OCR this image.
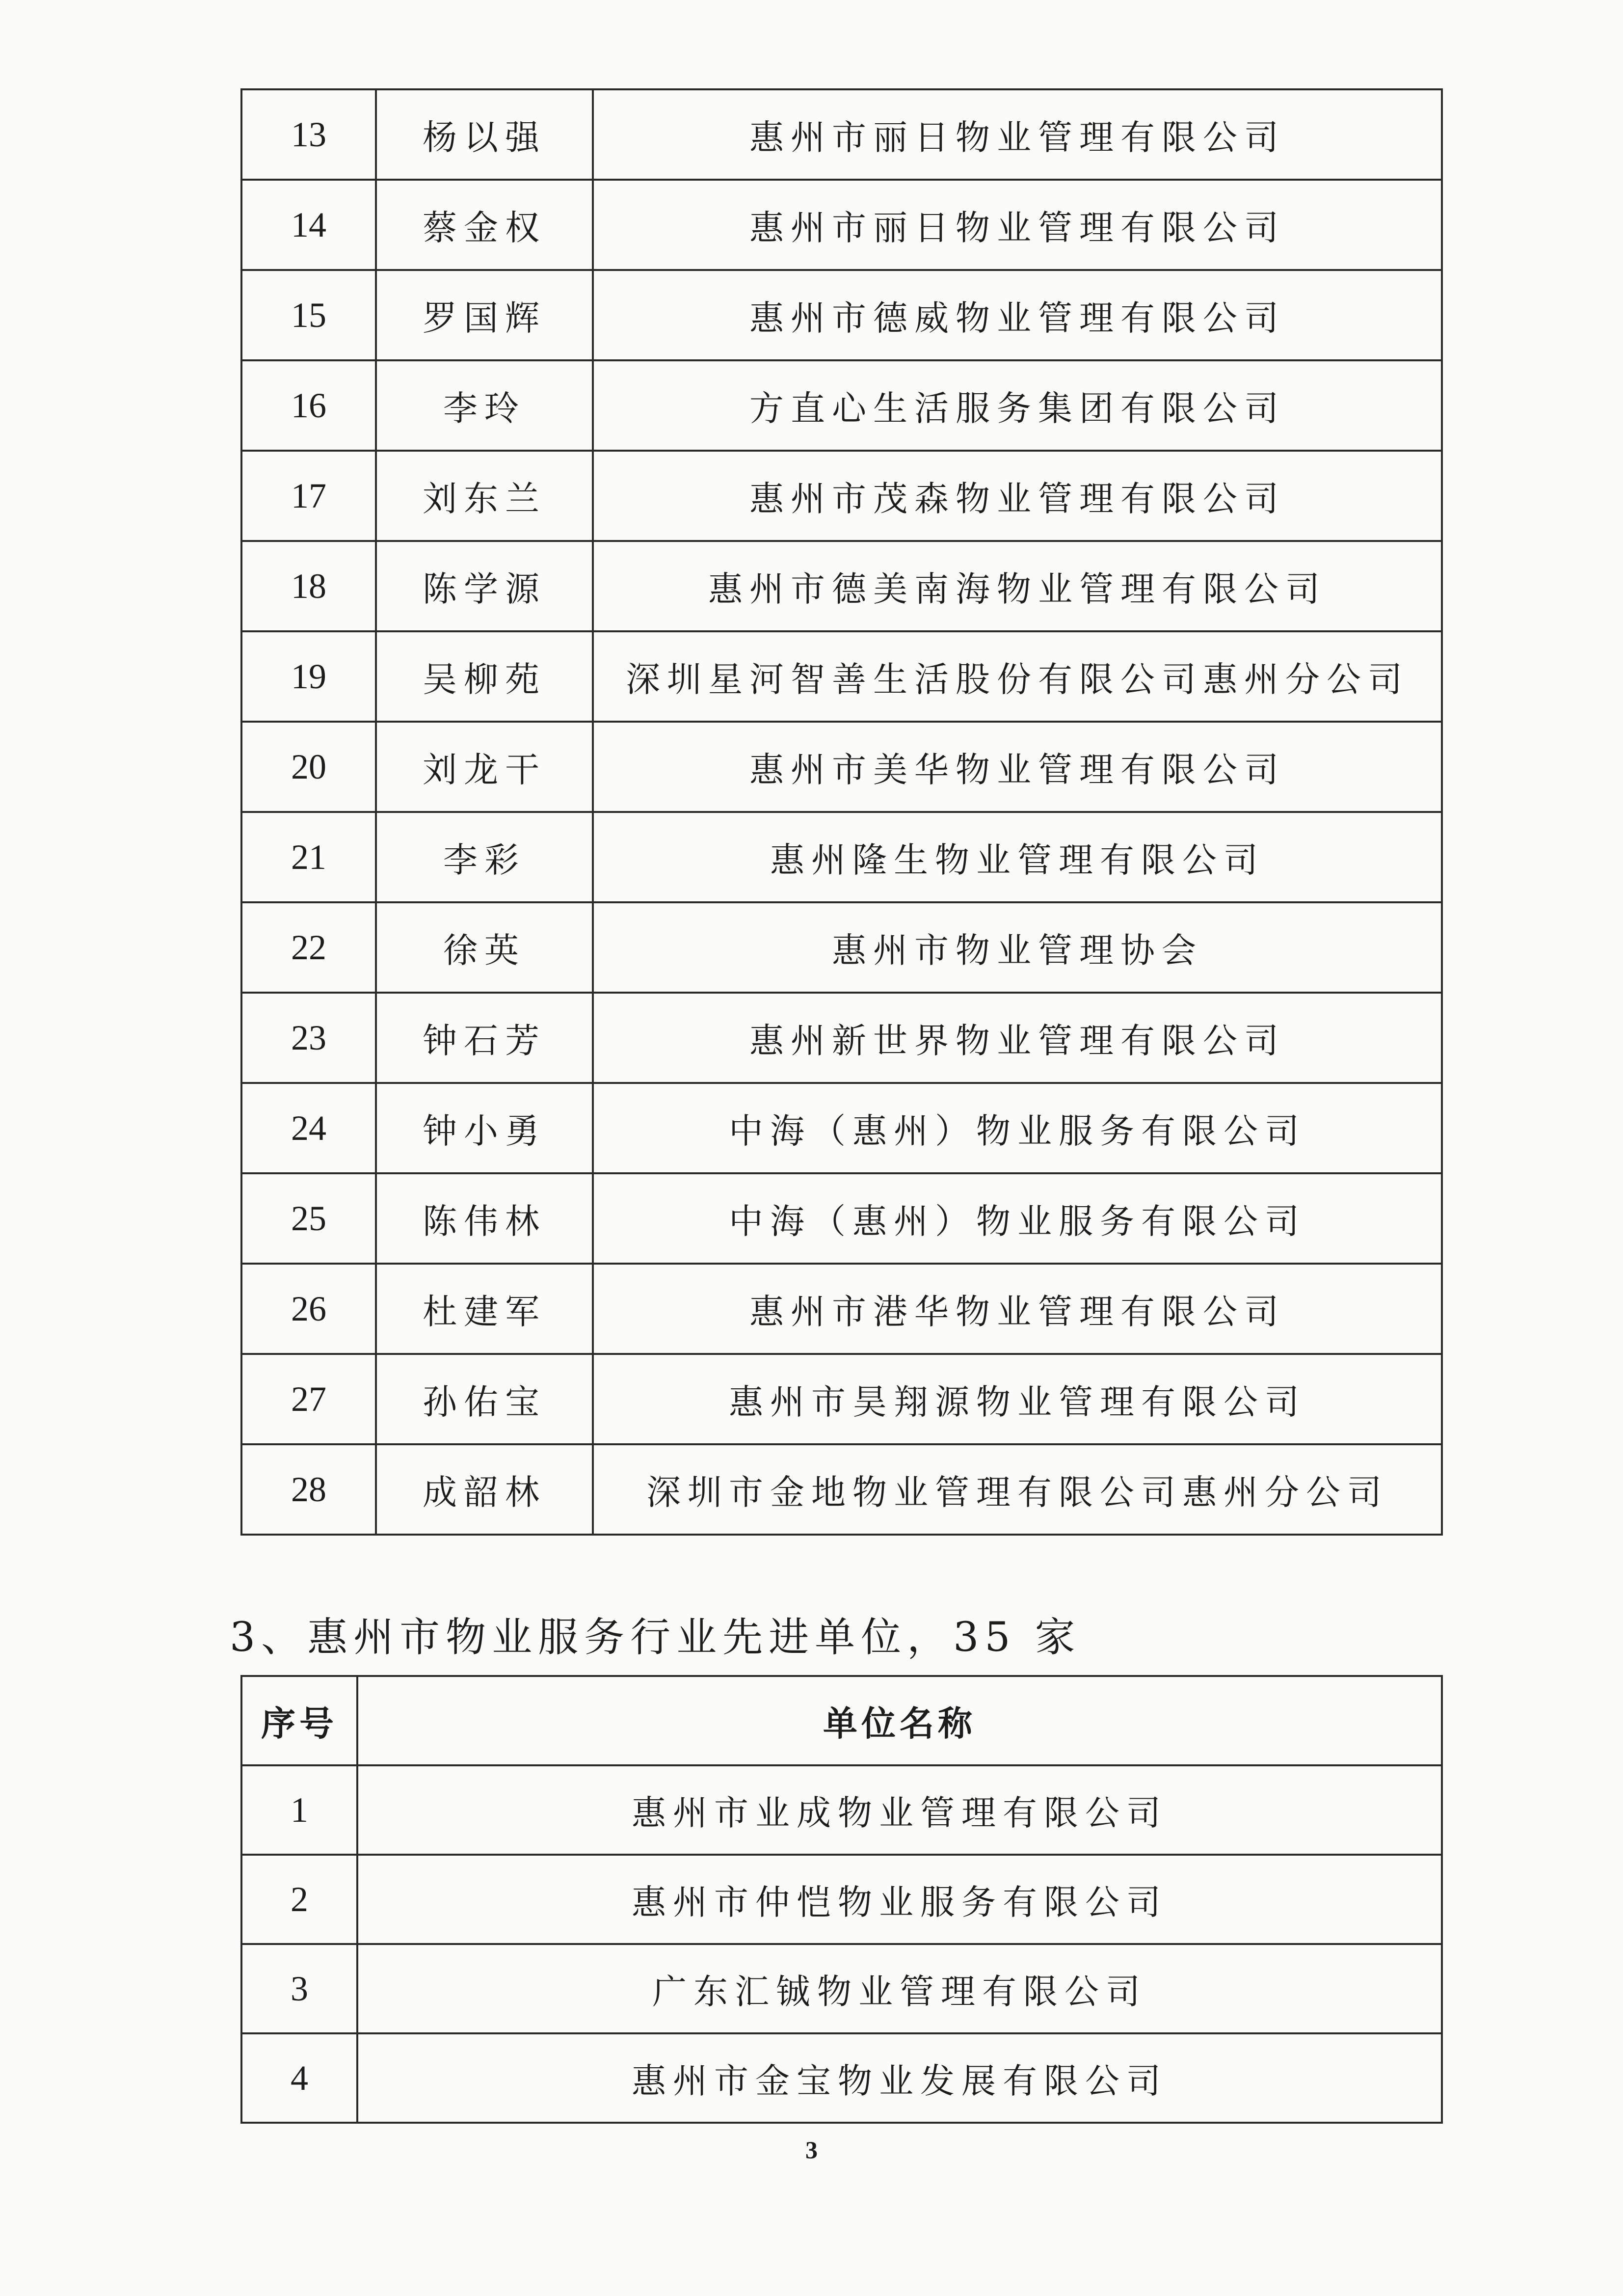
13	杨以强	惠州市丽日物业管理有限公司
14	蔡金权	惠州市丽日物业管理有限公司
15	罗国辉	惠州市德威物业管理有限公司
16	李玲	方直心生活服务集团有限公司
17	刘东兰	惠州市茂森物业管理有限公司
18	陈学源	惠州市德美南海物业管理有限公司
19	吴柳苑	深圳星河智善生活股份有限公司惠州分公司
20	刘龙干	惠州市美华物业管理有限公司
21	李彩	惠州隆生物业管理有限公司
22	徐英	惠州市物业管理协会
23	钟石芳	惠州新世界物业管理有限公司
24	钟小勇	中海（惠州）物业服务有限公司
25	陈伟林	中海（惠州）物业服务有限公司
26	杜建军	惠州市港华物业管理有限公司
27	孙佑宝	惠州市昊翔源物业管理有限公司
28	成韶林	深圳市金地物业管理有限公司惠州分公司
3、惠州市物业服务行业先进单位，35 家
序号	单位名称
1	惠州市业成物业管理有限公司
2	惠州市仲恺物业服务有限公司
3	广东汇铖物业管理有限公司
4	惠州市金宝物业发展有限公司
3
